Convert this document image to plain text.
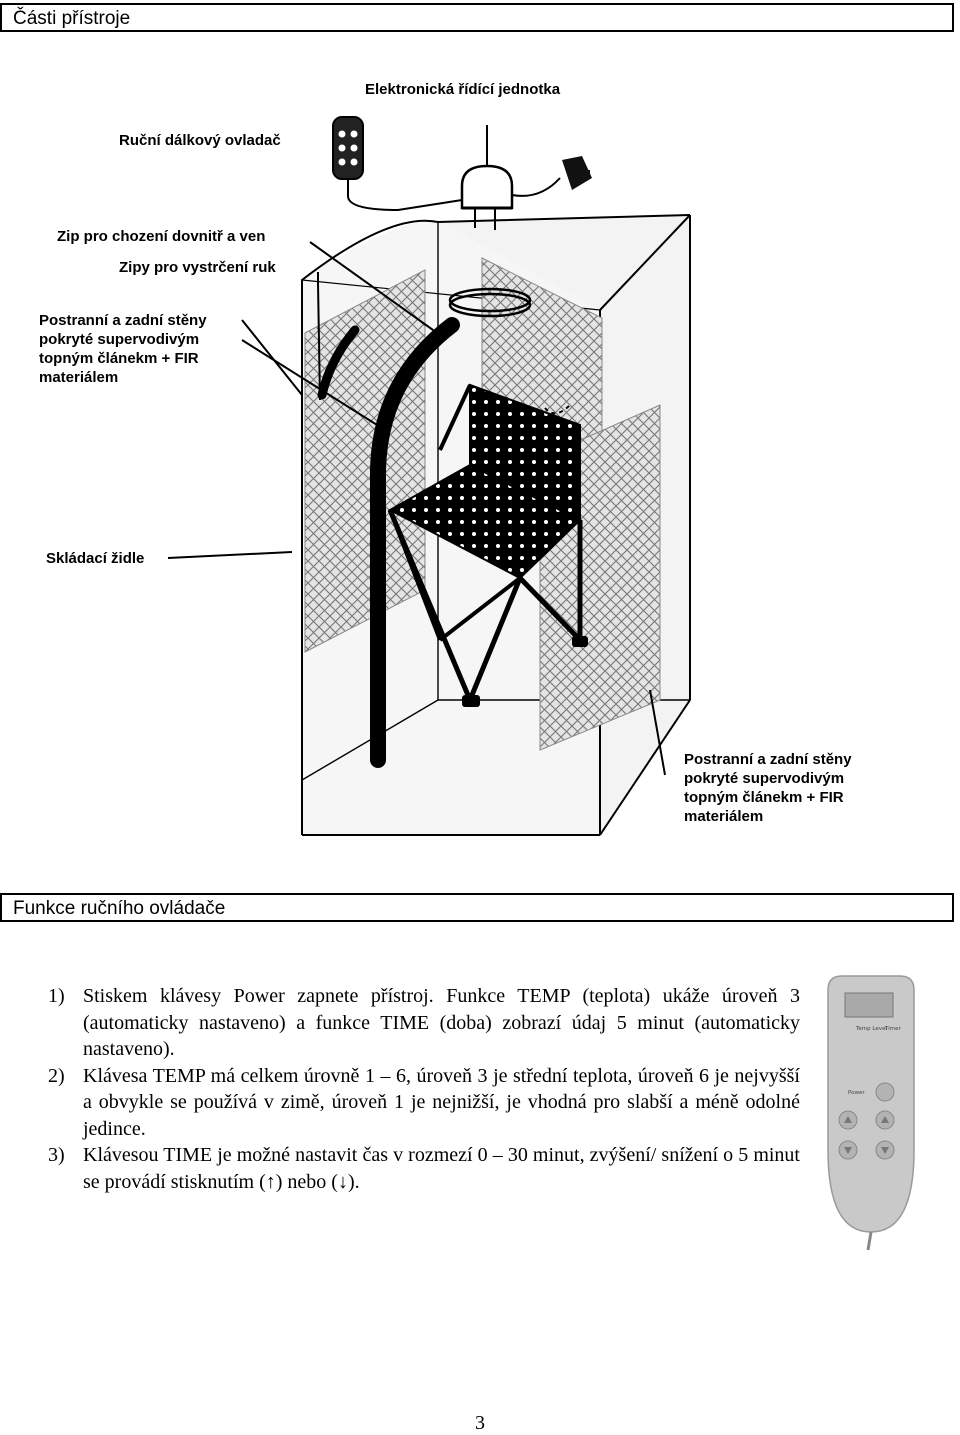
Části přístroje
Elektronická řídící jednotka
Ruční dálkový ovladač
Zip pro chození dovnitř a ven
Zipy pro vystrčení ruk
Postranní a zadní stěny
pokryté supervodivým
topným článekm + FIR
materiálem
Skládací židle
Postranní a zadní stěny
pokryté supervodivým
topným článekm + FIR
materiálem
Funkce ručního ovládače
1) Stiskem klávesy Power zapnete přístroj. Funkce TEMP (teplota) ukáže úroveň 3 (automaticky nastaveno) a funkce TIME (doba) zobrazí údaj 5 minut (automaticky nastaveno).
2) Klávesa TEMP má celkem úrovně 1 – 6, úroveň 3 je střední teplota, úroveň 6 je nejvyšší a obvykle se používá v zimě, úroveň 1 je nejnižší, je vhodná pro slabší a méně odolné jedince.
3) Klávesou TIME je možné nastavit čas v rozmezí 0 – 30 minut, zvýšení/ snížení o 5 minut se provádí stisknutím (↑) nebo (↓).
Temp Level
Timer
Power
3
